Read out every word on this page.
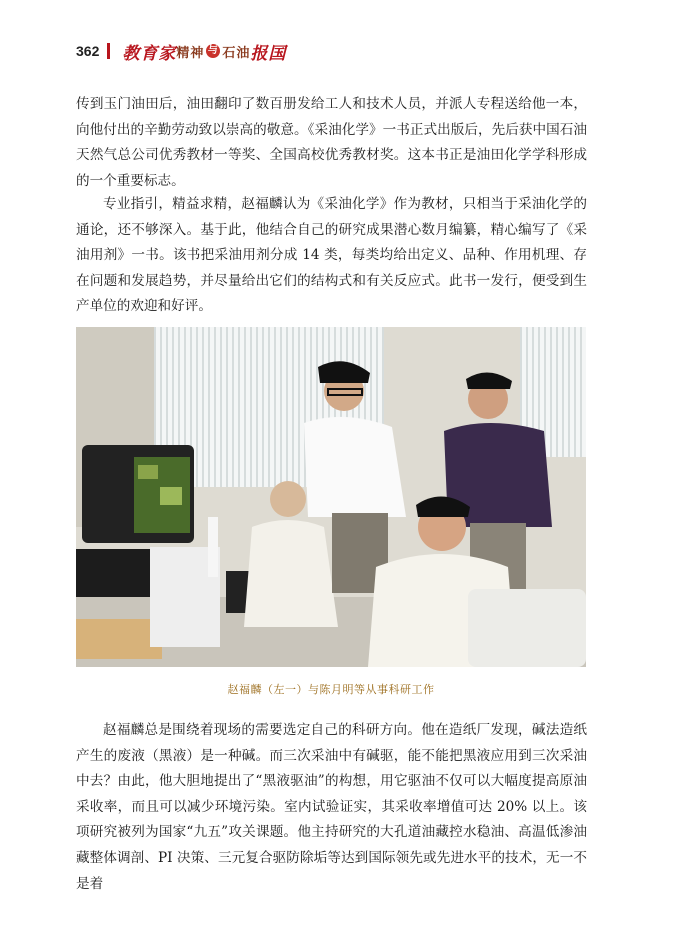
362 教育家 精神 与 石油 报国

传到玉门油田后，油田翻印了数百册发给工人和技术人员，并派人专程送给他一本，向他付出的辛勤劳动致以崇高的敬意。《采油化学》一书正式出版后，先后获中国石油天然气总公司优秀教材一等奖、全国高校优秀教材奖。这本书正是油田化学学科形成的一个重要标志。

专业指引，精益求精，赵福麟认为《采油化学》作为教材，只相当于采油化学的通论，还不够深入。基于此，他结合自己的研究成果潜心数月编纂，精心编写了《采油用剂》一书。该书把采油用剂分成 14 类，每类均给出定义、品种、作用机理、存在问题和发展趋势，并尽量给出它们的结构式和有关反应式。此书一发行，便受到生产单位的欢迎和好评。

赵福麟（左一）与陈月明等从事科研工作

赵福麟总是围绕着现场的需要选定自己的科研方向。他在造纸厂发现，碱法造纸产生的废液（黑液）是一种碱。而三次采油中有碱驱，能不能把黑液应用到三次采油中去？由此，他大胆地提出了“黑液驱油”的构想，用它驱油不仅可以大幅度提高原油采收率，而且可以减少环境污染。室内试验证实，其采收率增值可达 20% 以上。该项研究被列为国家“九五”攻关课题。他主持研究的大孔道油藏控水稳油、高温低渗油藏整体调剖、PI 决策、三元复合驱防除垢等达到国际领先或先进水平的技术，无一不是着
